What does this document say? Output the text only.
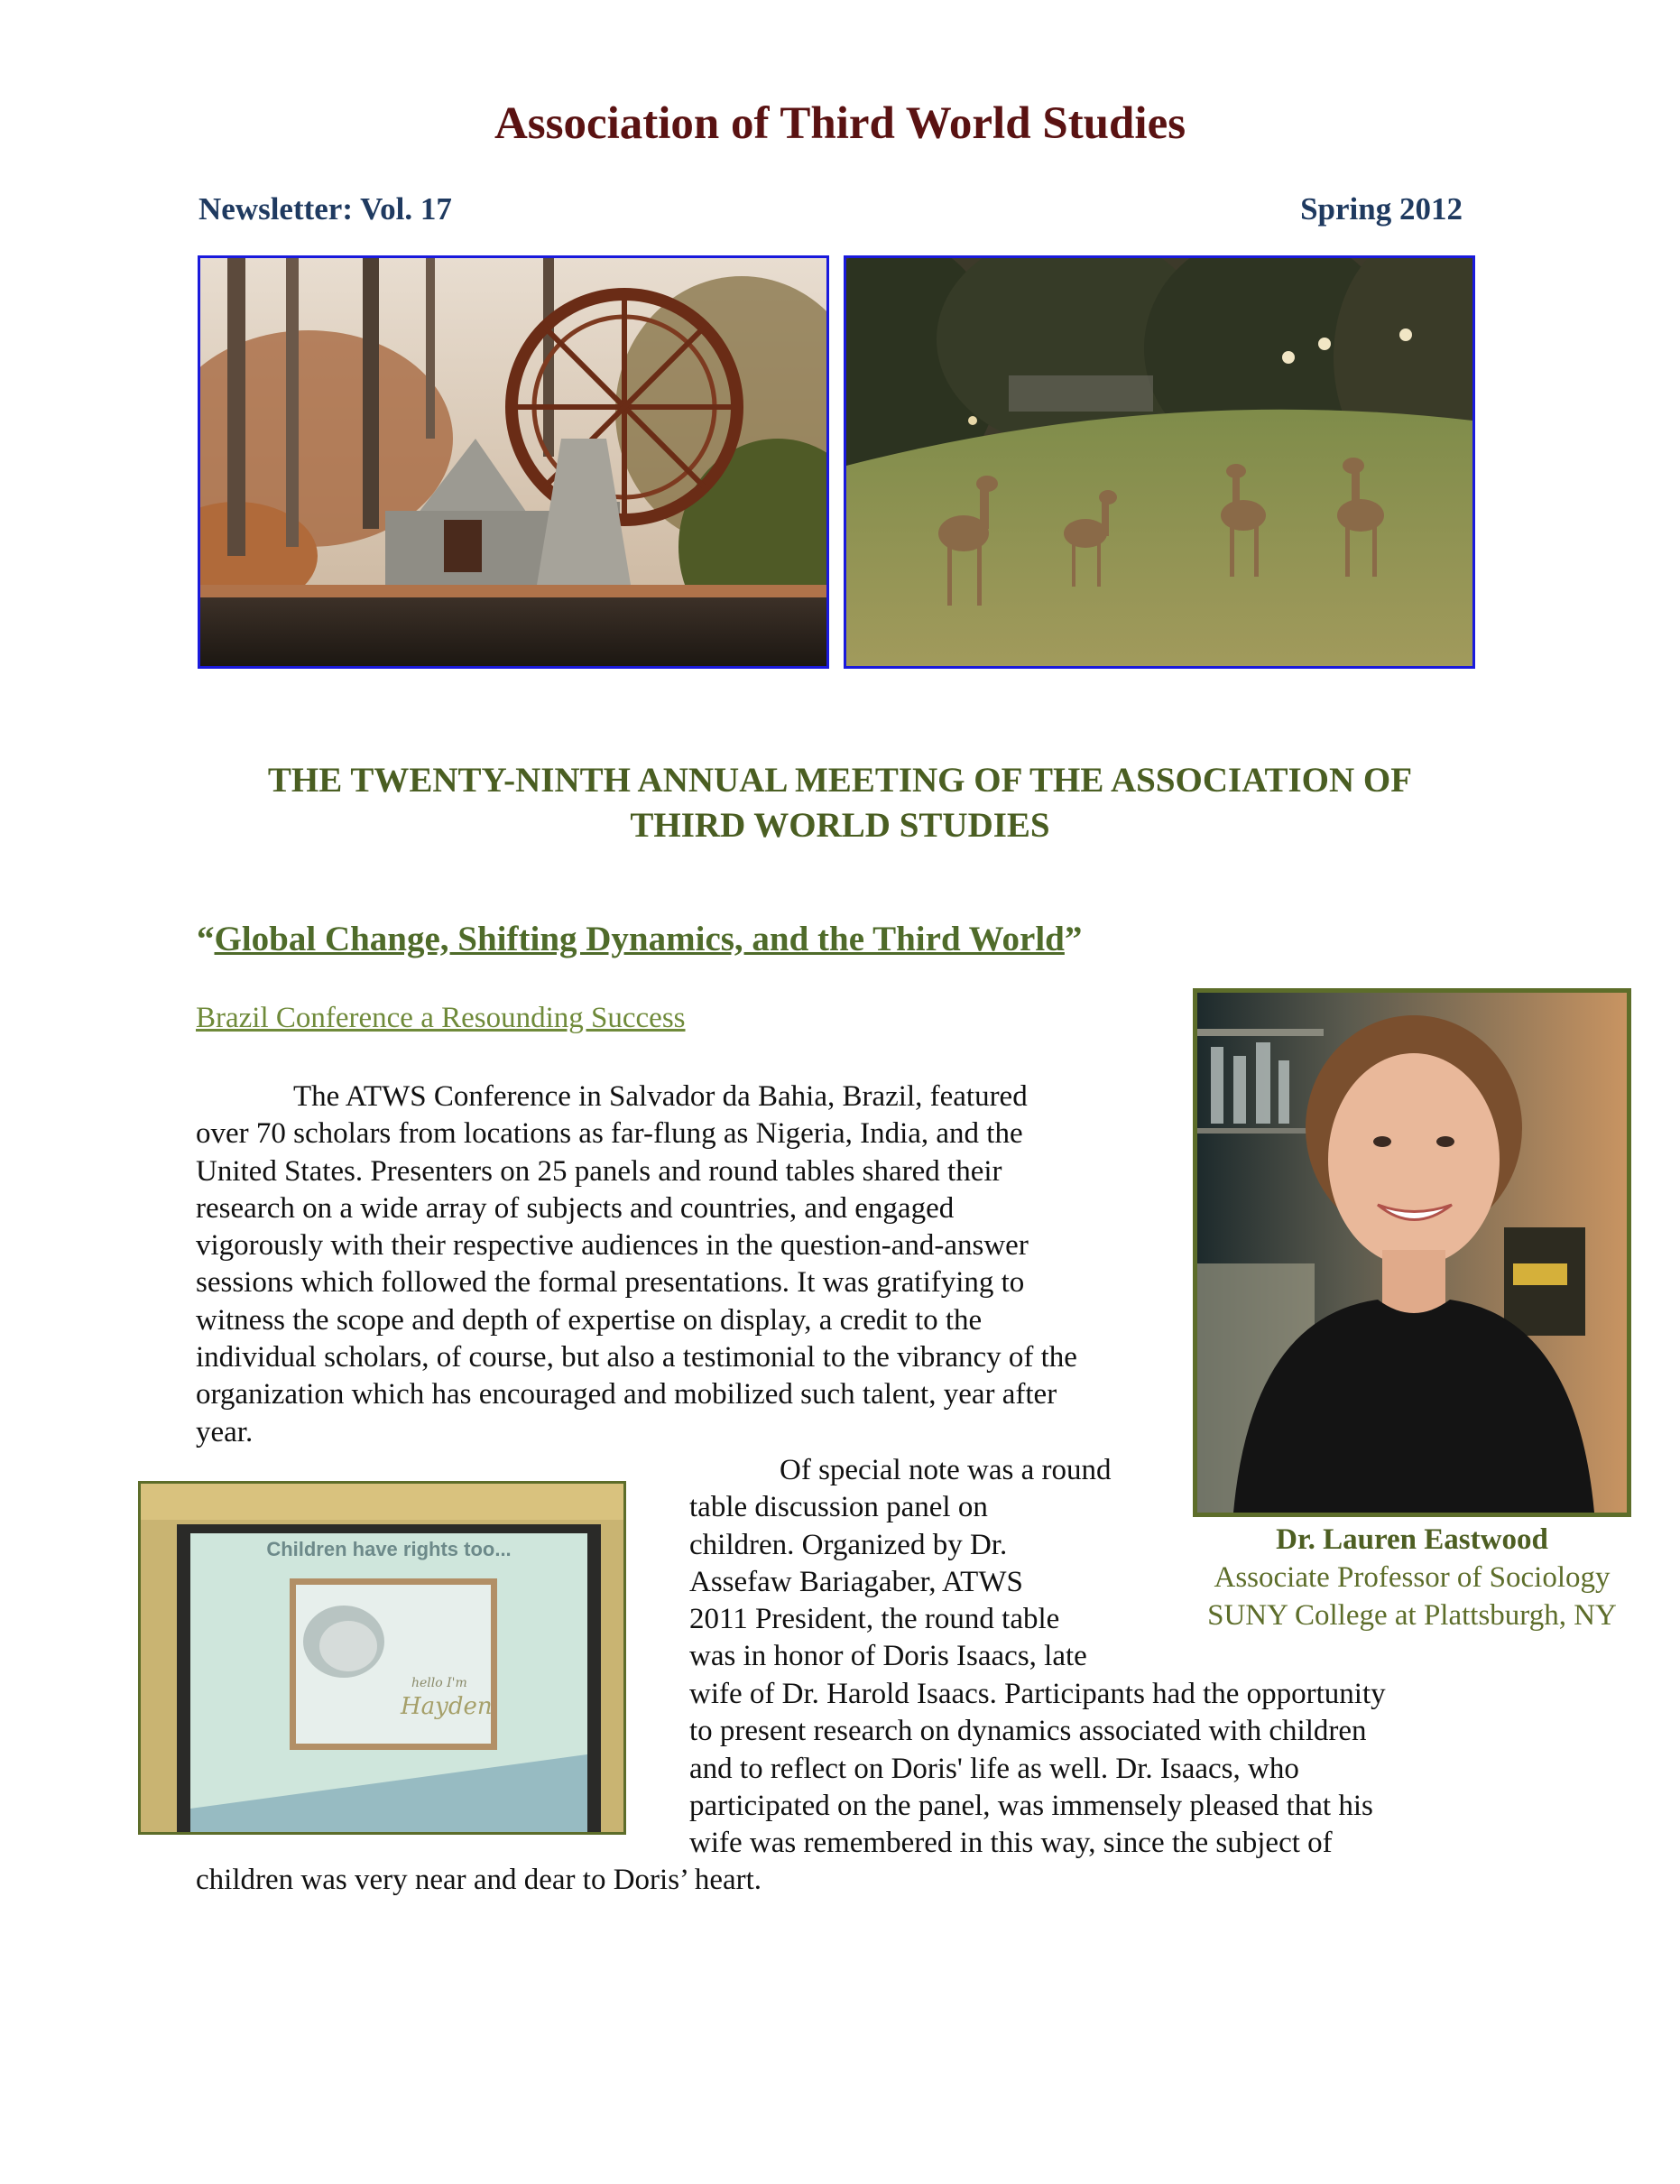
Association of Third World Studies
Newsletter: Vol. 17	Spring 2012
THE TWENTY-NINTH ANNUAL MEETING OF THE ASSOCIATION OF
THIRD WORLD STUDIES
“Global Change, Shifting Dynamics, and the Third World”
Brazil Conference a Resounding Success
The ATWS Conference in Salvador da Bahia, Brazil, featured
over 70 scholars from locations as far-flung as Nigeria, India, and the
United States. Presenters on 25 panels and round tables shared their
research on a wide array of subjects and countries, and engaged
vigorously with their respective audiences in the question-and-answer
sessions which followed the formal presentations. It was gratifying to
witness the scope and depth of expertise on display, a credit to the
individual scholars, of course, but also a testimonial to the vibrancy of the
organization which has encouraged and mobilized such talent, year after
year.
Dr. Lauren Eastwood
Associate Professor of Sociology
SUNY College at Plattsburgh, NY
Children have rights too...
hello I'm
Hayden
Of special note was a round
table discussion panel on
children. Organized by Dr.
Assefaw Bariagaber, ATWS
2011 President, the round table
was in honor of Doris Isaacs, late
wife of Dr. Harold Isaacs. Participants had the opportunity
to present research on dynamics associated with children
and to reflect on Doris' life as well. Dr. Isaacs, who
participated on the panel, was immensely pleased that his
wife was remembered in this way, since the subject of
children was very near and dear to Doris’ heart.
